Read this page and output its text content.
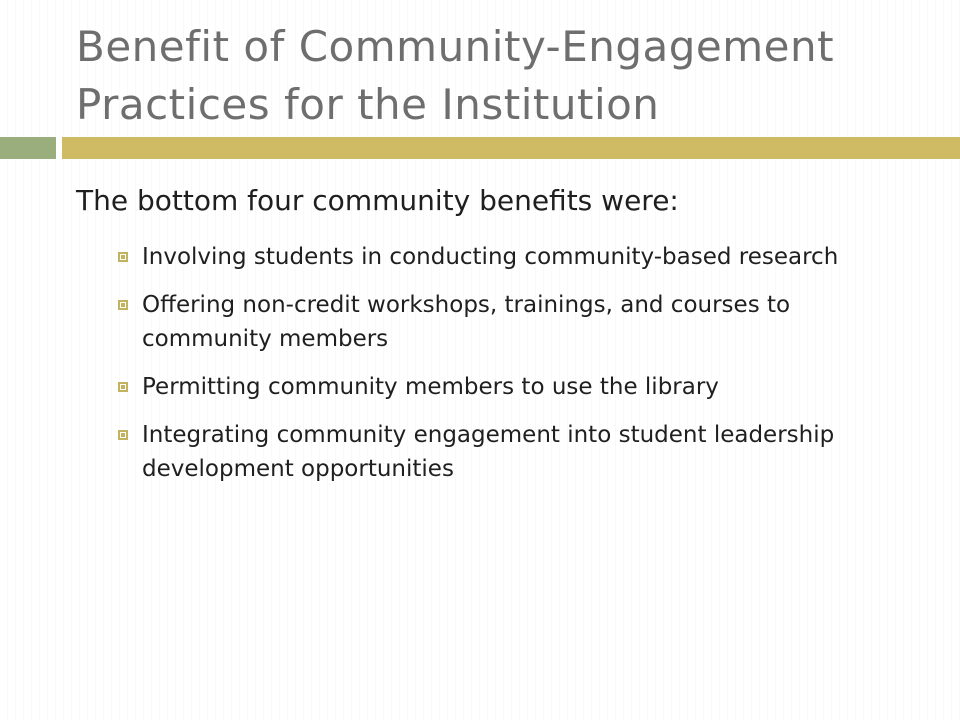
Benefit of Community-Engagement
Practices for the Institution

The bottom four community benefits were:

Involving students in conducting community-based research
Offering non-credit workshops, trainings, and courses to community members
Permitting community members to use the library
Integrating community engagement into student leadership development opportunities
